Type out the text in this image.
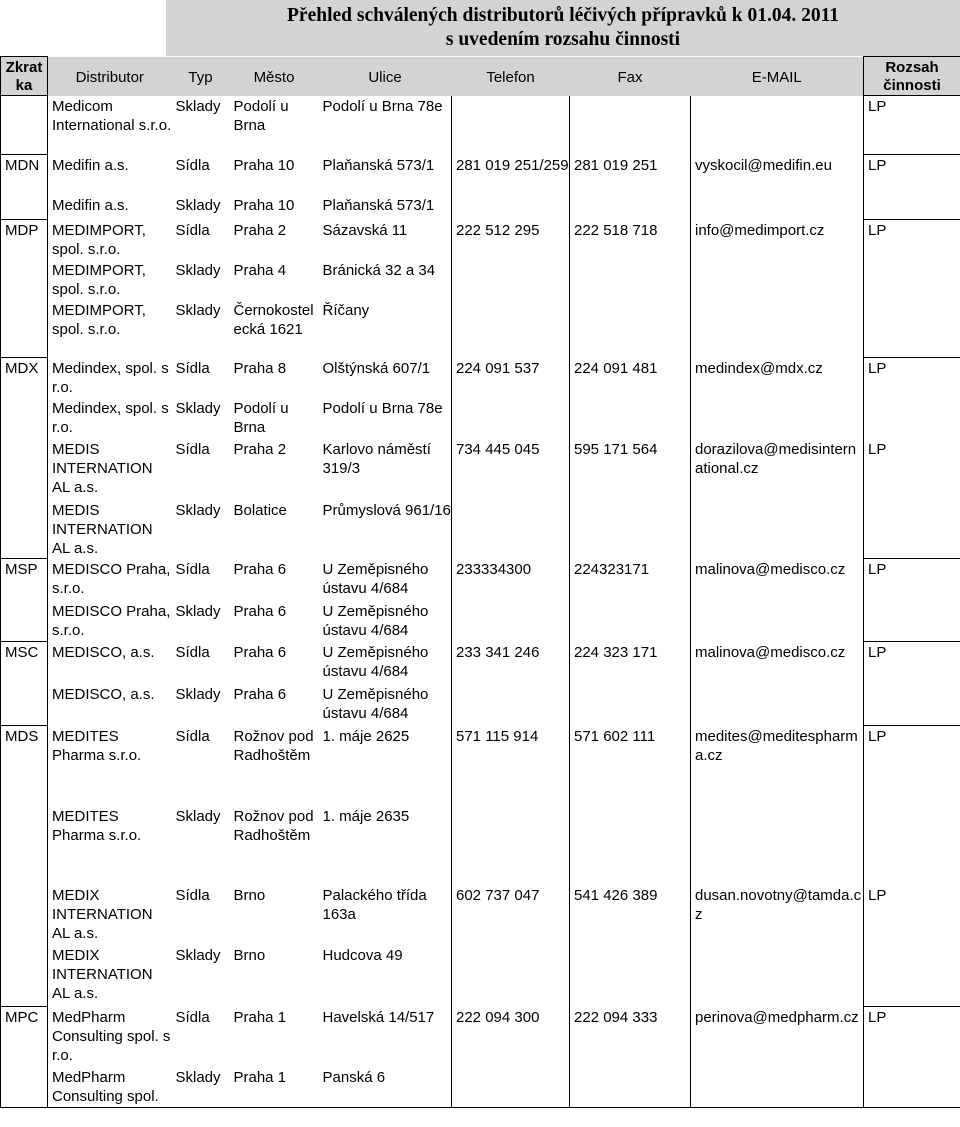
Přehled schválených distributorů léčivých přípravků k 01.04. 2011
s uvedením rozsahu činnosti
Zkrat ka	Distributor	Typ	Město	Ulice	Telefon	Fax	E-MAIL	Rozsah činnosti
	Medicom International s.r.o.	Sklady	Podolí u Brna	Podolí u Brna 78e				LP
MDN	Medifin a.s.	Sídla	Praha 10	Plaňanská 573/1	281 019 251/259	281 019 251	vyskocil@medifin.eu	LP
	Medifin a.s.	Sklady	Praha 10	Plaňanská 573/1				
MDP	MEDIMPORT, spol. s.r.o.	Sídla	Praha 2	Sázavská 11	222 512 295	222 518 718	info@medimport.cz	LP
	MEDIMPORT, spol. s.r.o.	Sklady	Praha 4	Bránická 32 a 34				
	MEDIMPORT, spol. s.r.o.	Sklady	Černokostelecká 1621	Říčany				
MDX	Medindex, spol. s r.o.	Sídla	Praha 8	Olštýnská 607/1	224 091 537	224 091 481	medindex@mdx.cz	LP
	Medindex, spol. s r.o.	Sklady	Podolí u Brna	Podolí u Brna 78e				
	MEDIS INTERNATION AL a.s.	Sídla	Praha 2	Karlovo náměstí 319/3	734 445 045	595 171 564	dorazilova@medisinternational.cz	LP
	MEDIS INTERNATION AL a.s.	Sklady	Bolatice	Průmyslová 961/16				
MSP	MEDISCO Praha, s.r.o.	Sídla	Praha 6	U Zeměpisného ústavu 4/684	233334300	224323171	malinova@medisco.cz	LP
	MEDISCO Praha, s.r.o.	Sklady	Praha 6	U Zeměpisného ústavu 4/684				
MSC	MEDISCO, a.s.	Sídla	Praha 6	U Zeměpisného ústavu 4/684	233 341 246	224 323 171	malinova@medisco.cz	LP
	MEDISCO, a.s.	Sklady	Praha 6	U Zeměpisného ústavu 4/684				
MDS	MEDITES Pharma s.r.o.	Sídla	Rožnov pod Radhoštěm	1. máje 2625	571 115 914	571 602 111	medites@meditespharma.cz	LP
	MEDITES Pharma s.r.o.	Sklady	Rožnov pod Radhoštěm	1. máje 2635				
	MEDIX INTERNATION AL a.s.	Sídla	Brno	Palackého třída 163a	602 737 047	541 426 389	dusan.novotny@tamda.cz	LP
	MEDIX INTERNATION AL a.s.	Sklady	Brno	Hudcova 49				
MPC	MedPharm Consulting spol. s r.o.	Sídla	Praha 1	Havelská 14/517	222 094 300	222 094 333	perinova@medpharm.cz	LP
	MedPharm Consulting spol.	Sklady	Praha 1	Panská 6				
